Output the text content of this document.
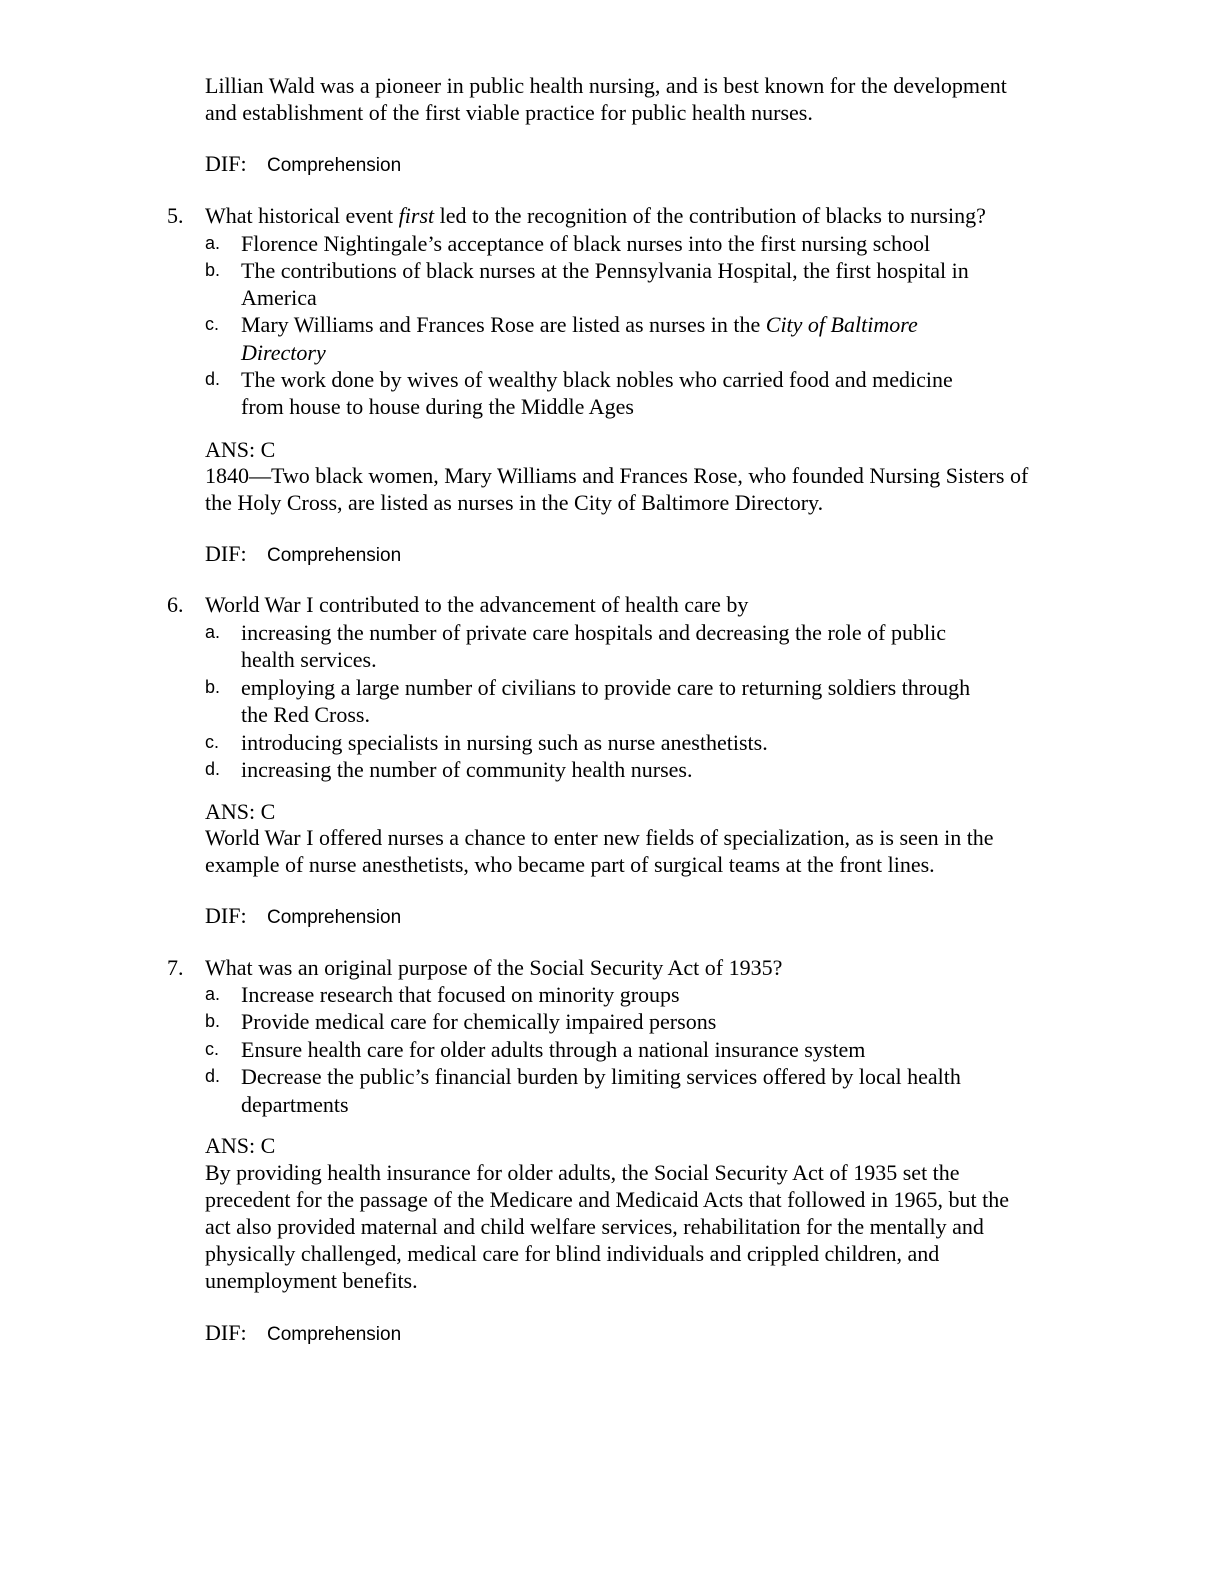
Lillian Wald was a pioneer in public health nursing, and is best known for the development
and establishment of the first viable practice for public health nurses.
DIF: Comprehension
5. What historical event first led to the recognition of the contribution of blacks to nursing?
a. Florence Nightingale’s acceptance of black nurses into the first nursing school
b. The contributions of black nurses at the Pennsylvania Hospital, the first hospital in
America
c. Mary Williams and Frances Rose are listed as nurses in the City of Baltimore
Directory
d. The work done by wives of wealthy black nobles who carried food and medicine
from house to house during the Middle Ages
ANS: C
1840—Two black women, Mary Williams and Frances Rose, who founded Nursing Sisters of
the Holy Cross, are listed as nurses in the City of Baltimore Directory.
DIF: Comprehension
6. World War I contributed to the advancement of health care by
a. increasing the number of private care hospitals and decreasing the role of public
health services.
b. employing a large number of civilians to provide care to returning soldiers through
the Red Cross.
c. introducing specialists in nursing such as nurse anesthetists.
d. increasing the number of community health nurses.
ANS: C
World War I offered nurses a chance to enter new fields of specialization, as is seen in the
example of nurse anesthetists, who became part of surgical teams at the front lines.
DIF: Comprehension
7. What was an original purpose of the Social Security Act of 1935?
a. Increase research that focused on minority groups
b. Provide medical care for chemically impaired persons
c. Ensure health care for older adults through a national insurance system
d. Decrease the public’s financial burden by limiting services offered by local health
departments
ANS: C
By providing health insurance for older adults, the Social Security Act of 1935 set the
precedent for the passage of the Medicare and Medicaid Acts that followed in 1965, but the
act also provided maternal and child welfare services, rehabilitation for the mentally and
physically challenged, medical care for blind individuals and crippled children, and
unemployment benefits.
DIF: Comprehension
